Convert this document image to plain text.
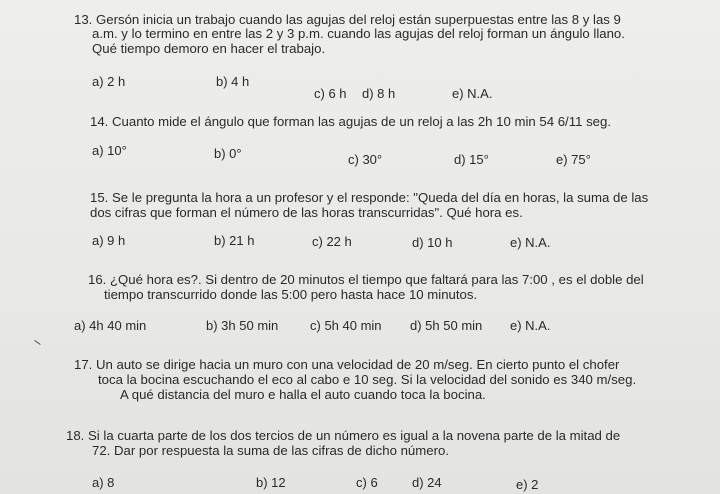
13. Gersón inicia un trabajo cuando las agujas del reloj están superpuestas entre las 8 y las 9
a.m. y lo termino en entre las 2 y 3 p.m. cuando las agujas del reloj forman un ángulo llano.
Qué tiempo demoro en hacer el trabajo.
a) 2 h	b) 4 h
c) 6 h d) 8 h	e) N.A.
14. Cuanto mide el ángulo que forman las agujas de un reloj a las 2h 10 min 54 6/11 seg.
a) 10°	b) 0°	c) 30°	d) 15°	e) 75°
15. Se le pregunta la hora a un profesor y el responde: "Queda del día en horas, la suma de las
dos cifras que forman el número de las horas transcurridas". Qué hora es.
a) 9 h	b) 21 h	c) 22 h	d) 10 h	e) N.A.
16. ¿Qué hora es?. Si dentro de 20 minutos el tiempo que faltará para las 7:00 , es el doble del
tiempo transcurrido donde las 5:00 pero hasta hace 10 minutos.
a) 4h 40 min	b) 3h 50 min c) 5h 40 min d) 5h 50 min e) N.A.
17. Un auto se dirige hacia un muro con una velocidad de 20 m/seg. En cierto punto el chofer
toca la bocina escuchando el eco al cabo e 10 seg. Si la velocidad del sonido es 340 m/seg.
A qué distancia del muro e halla el auto cuando toca la bocina.
18. Si la cuarta parte de los dos tercios de un número es igual a la novena parte de la mitad de
72. Dar por respuesta la suma de las cifras de dicho número.
a) 8	b) 12	c) 6	d) 24	e) 2
